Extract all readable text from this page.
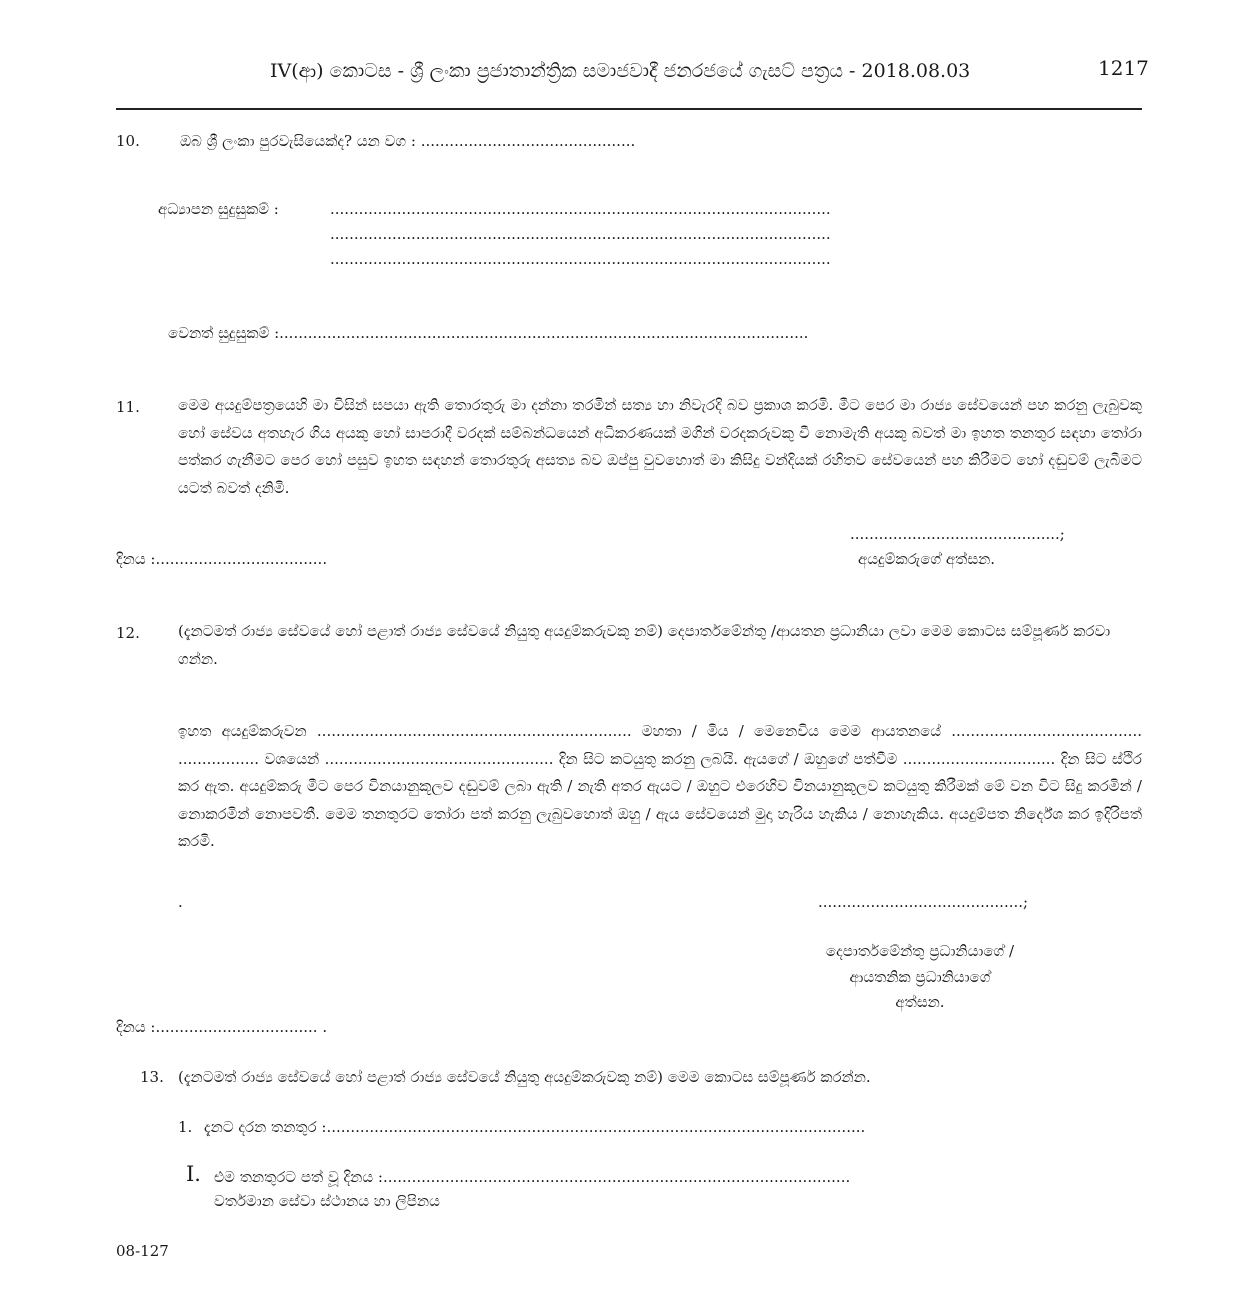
IV(ආ) කොටස - ශ්‍රී ලංකා ප්‍රජාතාන්ත්‍රික සමාජවාදී ජනරජයේ ගැසට් පත්‍රය - 2018.08.03	1217
10.	ඔබ ශ්‍රී ලංකා පුරවැසියෙක්ද? යන වග : .............................................
අධ්‍යාපන සුදුසුකම් :	.........................................................................................................
.........................................................................................................
.........................................................................................................
වෙනත් සුදුසුකම් :...............................................................................................................
11.	මෙම අයදුම්පත්‍රයෙහි මා විසින් සපයා ඇති තොරතුරු මා දන්නා තරමින් සත්‍ය හා නිවැරදි බව ප්‍රකාශ කරමි. මීට පෙර මා රාජ්‍ය සේවයෙන් පහ කරනු ලැබුවකු හෝ සේවය අතහැර ගිය අයකු හෝ සාපරාදී වරදක් සම්බන්ධයෙන් අධිකරණයක් මගින් වරදකරුවකු වී නොමැති අයකු බවත් මා ඉහත තනතුර සඳහා තෝරා පත්කර ගැනීමට පෙර හෝ පසුව ඉහත සඳහන් තොරතුරු අසත්‍ය බව ඔප්පු වුවහොත් මා කිසිදු වන්දියක් රහිතව සේවයෙන් පහ කිරීමට හෝ දඬුවම් ලැබීමට යටත් බවත් දනිමි.

............................................;
දිනය :....................................	අයදුම්කරුගේ අත්සන.
12.	(දැනටමත් රාජ්‍ය සේවයේ හෝ පළාත් රාජ්‍ය සේවයේ නියුතු අයදුම්කරුවකු නම්) දෙපාර්තමේන්තු /ආයතන ප්‍රධානියා ලවා මෙම කොටස සම්පූර්ණ කරවා ගන්න.

ඉහත අයදුම්කරුවන .................................................................. මහතා / මිය / මෙනෙවිය මෙම ආයතනයේ ........................................ ................. වශයෙන් ................................................ දින සිට කටයුතු කරනු ලබයි. ඇයගේ / ඔහුගේ පත්වීම ................................ දින සිට ස්ථිර කර ඇත. අයදුම්කරු මීට පෙර විනයානුකූලව දඬුවම් ලබා ඇති / නැති අතර ඇයට / ඔහුට එරෙහිව විනයානුකූලව කටයුතු කිරීමක් මේ වන විට සිදු කරමින් / නොකරමින් නොපවතී. මෙම තනතුරට තෝරා පත් කරනු ලැබුවහොත් ඔහු / ඇය සේවයෙන් මුදා හැරිය හැකිය / නොහැකිය. අයදුම්පත නිර්දේශ කර ඉදිරිපත් කරමි.

.	...........................................;
දෙපාර්තමේන්තු ප්‍රධානියාගේ /
ආයතනික ප්‍රධානියාගේ
අත්සන.
දිනය :.................................. .
13. (දැනටමත් රාජ්‍ය සේවයේ හෝ පළාත් රාජ්‍ය සේවයේ නියුතු අයදුම්කරුවකු නම්) මෙම කොටස සම්පූර්ණ කරන්න.
1. දැනට දරන තනතුර :.................................................................................................................
I. එම තනතුරට පත් වූ දිනය :..................................................................................................
වර්තමාන සේවා ස්ථානය හා ලිපිනය
08-127
